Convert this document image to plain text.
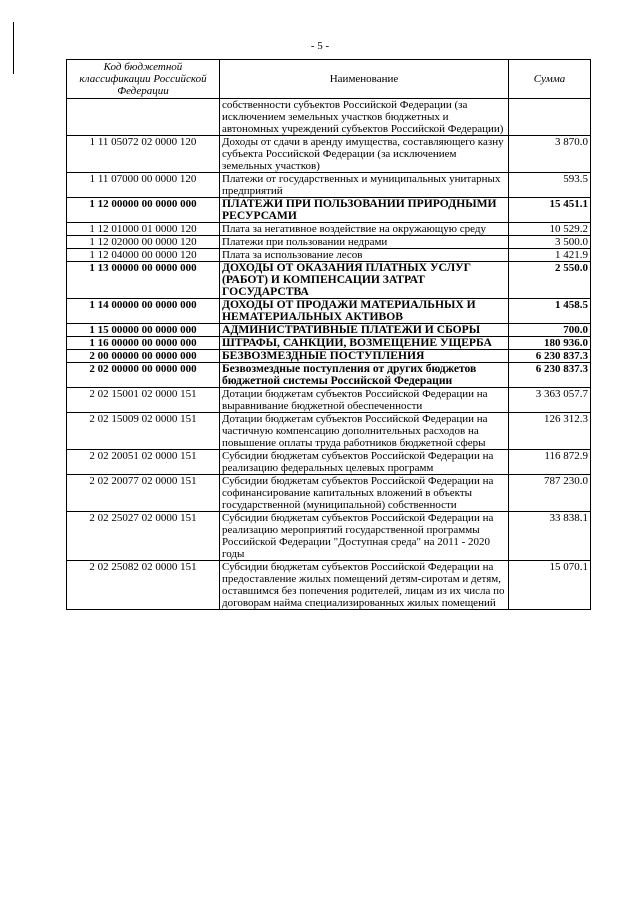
- 5 -
Код бюджетной классификации Российской Федерации	Наименование	Сумма
	собственности субъектов Российской Федерации (за исключением земельных участков бюджетных и автономных учреждений субъектов Российской Федерации)	
1 11 05072 02 0000 120	Доходы от сдачи в аренду имущества, составляющего казну субъекта Российской Федерации (за исключением земельных участков)	3 870.0
1 11 07000 00 0000 120	Платежи от государственных и муниципальных унитарных предприятий	593.5
1 12 00000 00 0000 000	ПЛАТЕЖИ ПРИ ПОЛЬЗОВАНИИ ПРИРОДНЫМИ РЕСУРСАМИ	15 451.1
1 12 01000 01 0000 120	Плата за негативное воздействие на окружающую среду	10 529.2
1 12 02000 00 0000 120	Платежи при пользовании недрами	3 500.0
1 12 04000 00 0000 120	Плата за использование лесов	1 421.9
1 13 00000 00 0000 000	ДОХОДЫ ОТ ОКАЗАНИЯ ПЛАТНЫХ УСЛУГ (РАБОТ) И КОМПЕНСАЦИИ ЗАТРАТ ГОСУДАРСТВА	2 550.0
1 14 00000 00 0000 000	ДОХОДЫ ОТ ПРОДАЖИ МАТЕРИАЛЬНЫХ И НЕМАТЕРИАЛЬНЫХ АКТИВОВ	1 458.5
1 15 00000 00 0000 000	АДМИНИСТРАТИВНЫЕ ПЛАТЕЖИ И СБОРЫ	700.0
1 16 00000 00 0000 000	ШТРАФЫ, САНКЦИИ, ВОЗМЕЩЕНИЕ УЩЕРБА	180 936.0
2 00 00000 00 0000 000	БЕЗВОЗМЕЗДНЫЕ ПОСТУПЛЕНИЯ	6 230 837.3
2 02 00000 00 0000 000	Безвозмездные поступления от других бюджетов бюджетной системы Российской Федерации	6 230 837.3
2 02 15001 02 0000 151	Дотации бюджетам субъектов Российской Федерации на выравнивание бюджетной обеспеченности	3 363 057.7
2 02 15009 02 0000 151	Дотации бюджетам субъектов Российской Федерации на частичную компенсацию дополнительных расходов на повышение оплаты труда работников бюджетной сферы	126 312.3
2 02 20051 02 0000 151	Субсидии бюджетам субъектов Российской Федерации на реализацию федеральных целевых программ	116 872.9
2 02 20077 02 0000 151	Субсидии бюджетам субъектов Российской Федерации на софинансирование капитальных вложений в объекты государственной (муниципальной) собственности	787 230.0
2 02 25027 02 0000 151	Субсидии бюджетам субъектов Российской Федерации на реализацию мероприятий государственной программы Российской Федерации "Доступная среда" на 2011 - 2020 годы	33 838.1
2 02 25082 02 0000 151	Субсидии бюджетам субъектов Российской Федерации на предоставление жилых помещений детям-сиротам и детям, оставшимся без попечения родителей, лицам из их числа по договорам найма специализированных жилых помещений	15 070.1
